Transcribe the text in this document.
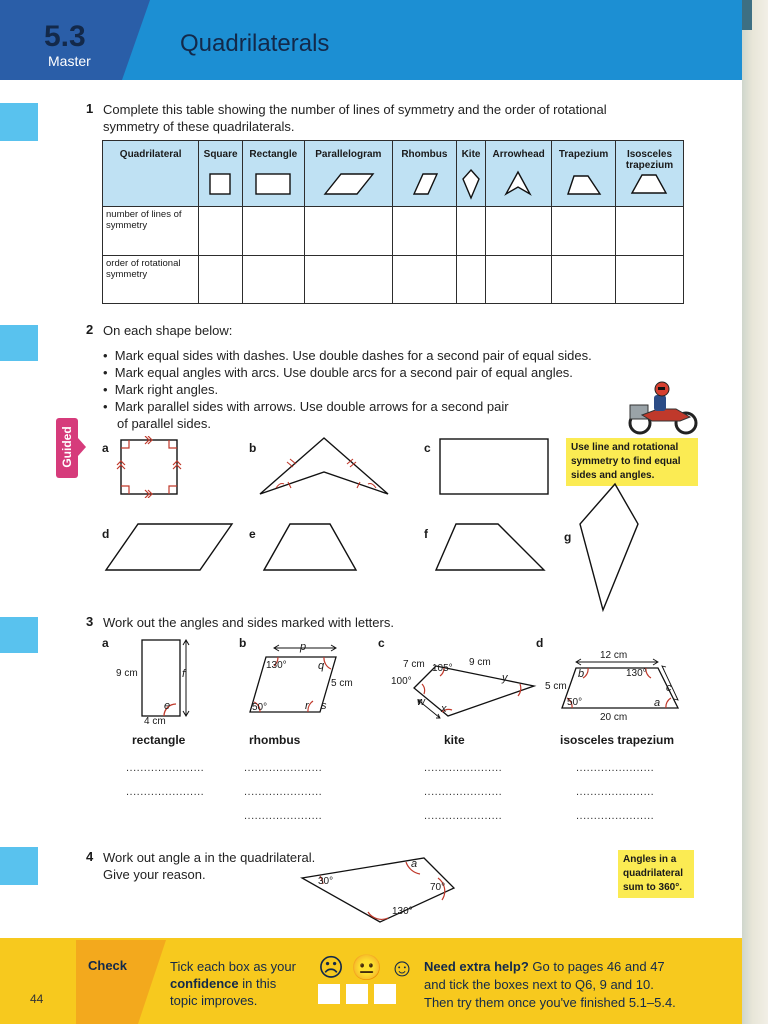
5.3
Master
Quadrilaterals
1 Complete this table showing the number of lines of symmetry and the order of rotational
symmetry of these quadrilaterals.
Quadrilateral	Square	Rectangle	Parallelogram	Rhombus	Kite	Arrowhead	Trapezium	Isosceles trapezium

number of lines of symmetry								
order of rotational symmetry								
2 On each shape below:
•  Mark equal sides with dashes. Use double dashes for a second pair of equal sides.
•  Mark equal angles with arcs. Use double arcs for a second pair of equal angles.
•  Mark right angles.
•  Mark parallel sides with arrows. Use double arrows for a second pair
of parallel sides.
Guided	Use line and rotational symmetry to find equal sides and angles.
a	b	c
d	e	f	g
3 Work out the angles and sides marked with letters.
a
9 cm	f
e
4 cm
rectangle
b	p
130°	q
5 cm
50°	r s
rhombus
c
7 cm	9 cm
105°
100°	y
w
x
kite
d
12 cm
b	130°
c
5 cm
50°	a
20 cm
isosceles trapezium
......................
......................
......................
......................
......................
......................
......................
......................
......................
......................
......................
4 Work out angle a in the quadrilateral.
Give your reason.	30°
a
70°
130°
Angles in a quadrilateral sum to 360°.
Check	Tick each box as your
confidence in this
topic improves.
☹ 😐 ☺ Need extra help? Go to pages 46 and 47
and tick the boxes next to Q6, 9 and 10.
Then try them once you've finished 5.1–5.4.
44
